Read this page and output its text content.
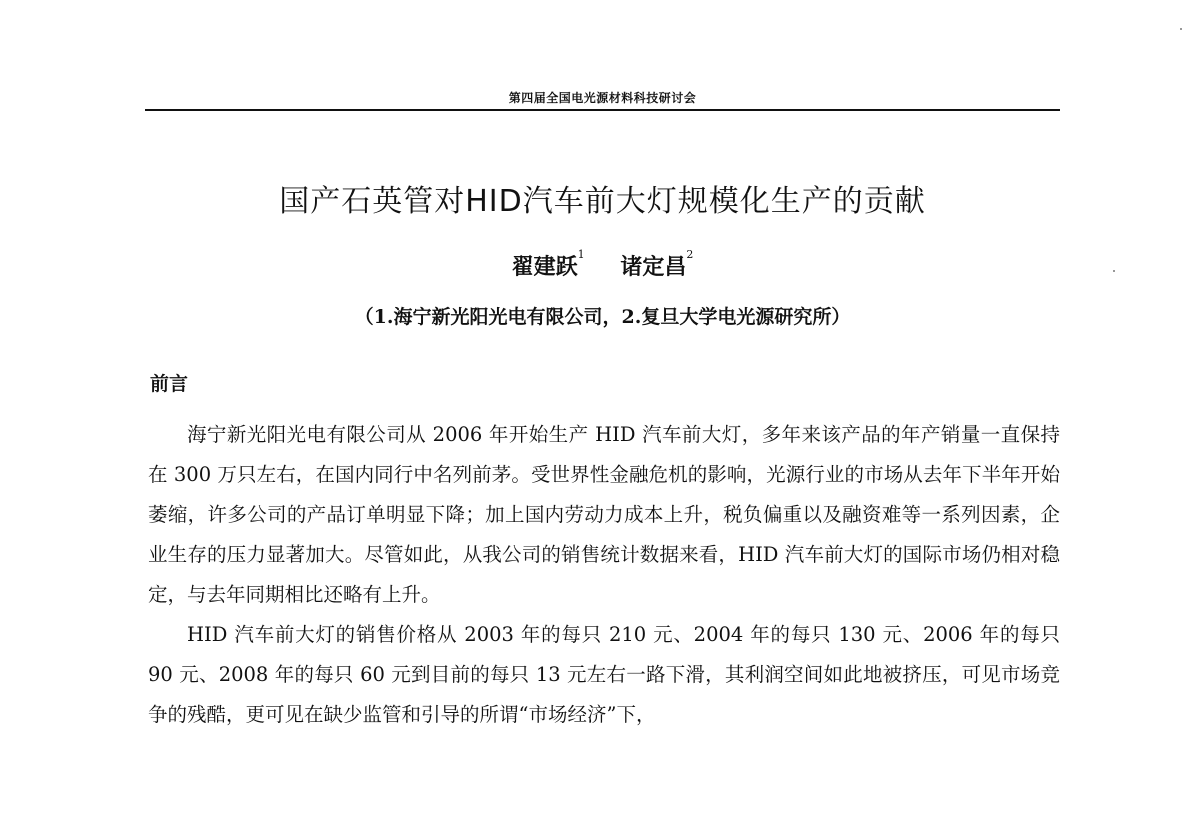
第四届全国电光源材料科技研讨会
国产石英管对HID汽车前大灯规模化生产的贡献
翟建跃$^1$ 诸定昌$^2$
（1.海宁新光阳光电有限公司，2.复旦大学电光源研究所）
前言

海宁新光阳光电有限公司从 2006 年开始生产 HID 汽车前大灯，多年来该产品的年产销量一直保持在 300 万只左右，在国内同行中名列前茅。受世界性金融危机的影响，光源行业的市场从去年下半年开始萎缩，许多公司的产品订单明显下降；加上国内劳动力成本上升，税负偏重以及融资难等一系列因素，企业生存的压力显著加大。尽管如此，从我公司的销售统计数据来看，HID 汽车前大灯的国际市场仍相对稳定，与去年同期相比还略有上升。

HID 汽车前大灯的销售价格从 2003 年的每只 210 元、2004 年的每只 130 元、2006 年的每只 90 元、2008 年的每只 60 元到目前的每只 13 元左右一路下滑，其利润空间如此地被挤压，可见市场竞争的残酷，更可见在缺少监管和引导的所谓“市场经济”下，
